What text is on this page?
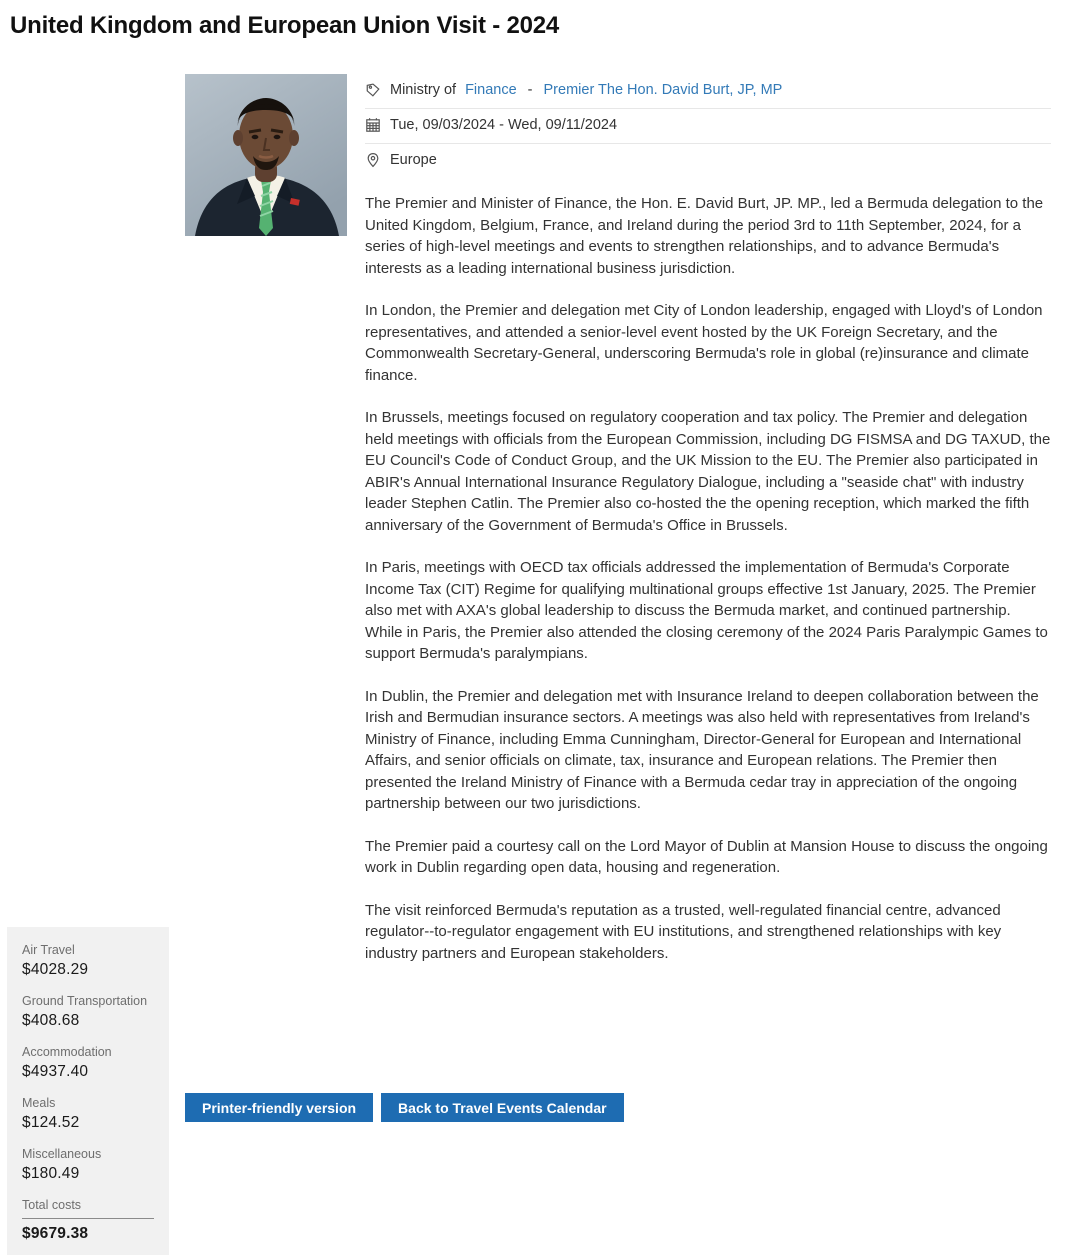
United Kingdom and European Union Visit - 2024
Ministry of Finance - Premier The Hon. David Burt, JP, MP
Tue, 09/03/2024 - Wed, 09/11/2024
Europe

The Premier and Minister of Finance, the Hon. E. David Burt, JP. MP., led a Bermuda delegation to the United Kingdom, Belgium, France, and Ireland during the period 3rd to 11th September, 2024, for a series of high-level meetings and events to strengthen relationships, and to advance Bermuda's interests as a leading international business jurisdiction.

In London, the Premier and delegation met City of London leadership, engaged with Lloyd's of London representatives, and attended a senior-level event hosted by the UK Foreign Secretary, and the Commonwealth Secretary-General, underscoring Bermuda's role in global (re)insurance and climate finance.

In Brussels, meetings focused on regulatory cooperation and tax policy. The Premier and delegation held meetings with officials from the European Commission, including DG FISMSA and DG TAXUD, the EU Council's Code of Conduct Group, and the UK Mission to the EU. The Premier also participated in ABIR's Annual International Insurance Regulatory Dialogue, including a "seaside chat" with industry leader Stephen Catlin. The Premier also co-hosted the the opening reception, which marked the fifth anniversary of the Government of Bermuda's Office in Brussels.

In Paris, meetings with OECD tax officials addressed the implementation of Bermuda's Corporate Income Tax (CIT) Regime for qualifying multinational groups effective 1st January, 2025. The Premier also met with AXA's global leadership to discuss the Bermuda market, and continued partnership. While in Paris, the Premier also attended the closing ceremony of the 2024 Paris Paralympic Games to support Bermuda's paralympians.

In Dublin, the Premier and delegation met with Insurance Ireland to deepen collaboration between the Irish and Bermudian insurance sectors. A meetings was also held with representatives from Ireland's Ministry of Finance, including Emma Cunningham, Director-General for European and International Affairs, and senior officials on climate, tax, insurance and European relations. The Premier then presented the Ireland Ministry of Finance with a Bermuda cedar tray in appreciation of the ongoing partnership between our two jurisdictions.

The Premier paid a courtesy call on the Lord Mayor of Dublin at Mansion House to discuss the ongoing work in Dublin regarding open data, housing and regeneration.

The visit reinforced Bermuda's reputation as a trusted, well-regulated financial centre, advanced regulator--to-regulator engagement with EU institutions, and strengthened relationships with key industry partners and European stakeholders.

Air Travel
$4028.29
Ground Transportation
$408.68
Accommodation
$4937.40
Meals
$124.52
Miscellaneous
$180.49
Total costs
$9679.38
Printer-friendly version	Back to Travel Events Calendar
